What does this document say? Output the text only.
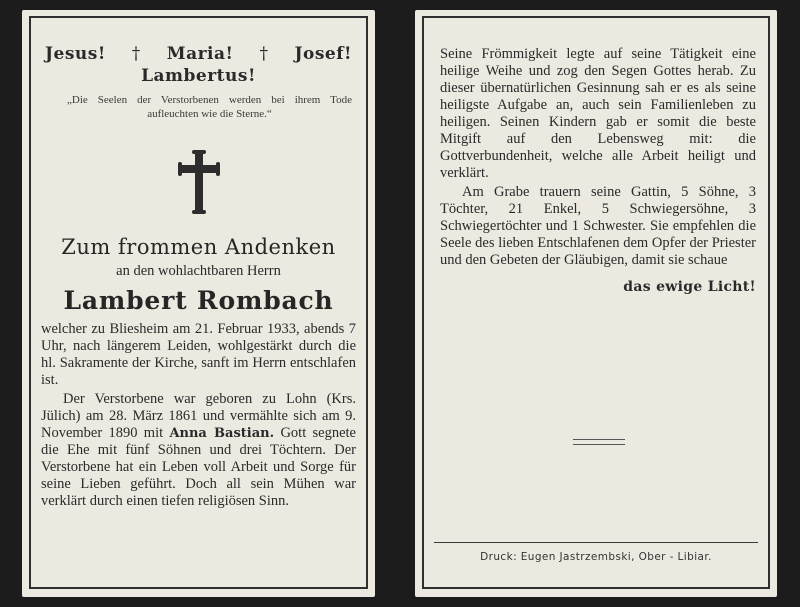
Jesus! † Maria! † Josef!
Lambertus!
„Die Seelen der Verstorbenen werden bei ihrem Tode aufleuchten wie die Sterne.“
Zum frommen Andenken
an den wohlachtbaren Herrn
Lambert Rombach

welcher zu Bliesheim am 21. Februar 1933, abends 7 Uhr, nach längerem Leiden, wohlgestärkt durch die hl. Sakramente der Kirche, sanft im Herrn entschlafen ist.

Der Verstorbene war geboren zu Lohn (Krs. Jülich) am 28. März 1861 und vermählte sich am 9. November 1890 mit Anna Bastian. Gott segnete die Ehe mit fünf Söhnen und drei Töchtern. Der Verstorbene hat ein Leben voll Arbeit und Sorge für seine Lieben geführt. Doch all sein Mühen war verklärt durch einen tiefen religiösen Sinn.

Seine Frömmigkeit legte auf seine Tätigkeit eine heilige Weihe und zog den Segen Gottes herab. Zu dieser übernatürlichen Gesinnung sah er es als seine heiligste Aufgabe an, auch sein Familienleben zu heiligen. Seinen Kindern gab er somit die beste Mitgift auf den Lebensweg mit: die Gottverbundenheit, welche alle Arbeit heiligt und verklärt.

Am Grabe trauern seine Gattin, 5 Söhne, 3 Töchter, 21 Enkel, 5 Schwiegersöhne, 3 Schwiegertöchter und 1 Schwester. Sie empfehlen die Seele des lieben Entschlafenen dem Opfer der Priester und den Gebeten der Gläubigen, damit sie schaue

das ewige Licht!
Druck: Eugen Jastrzembski, Ober - Libiar.
